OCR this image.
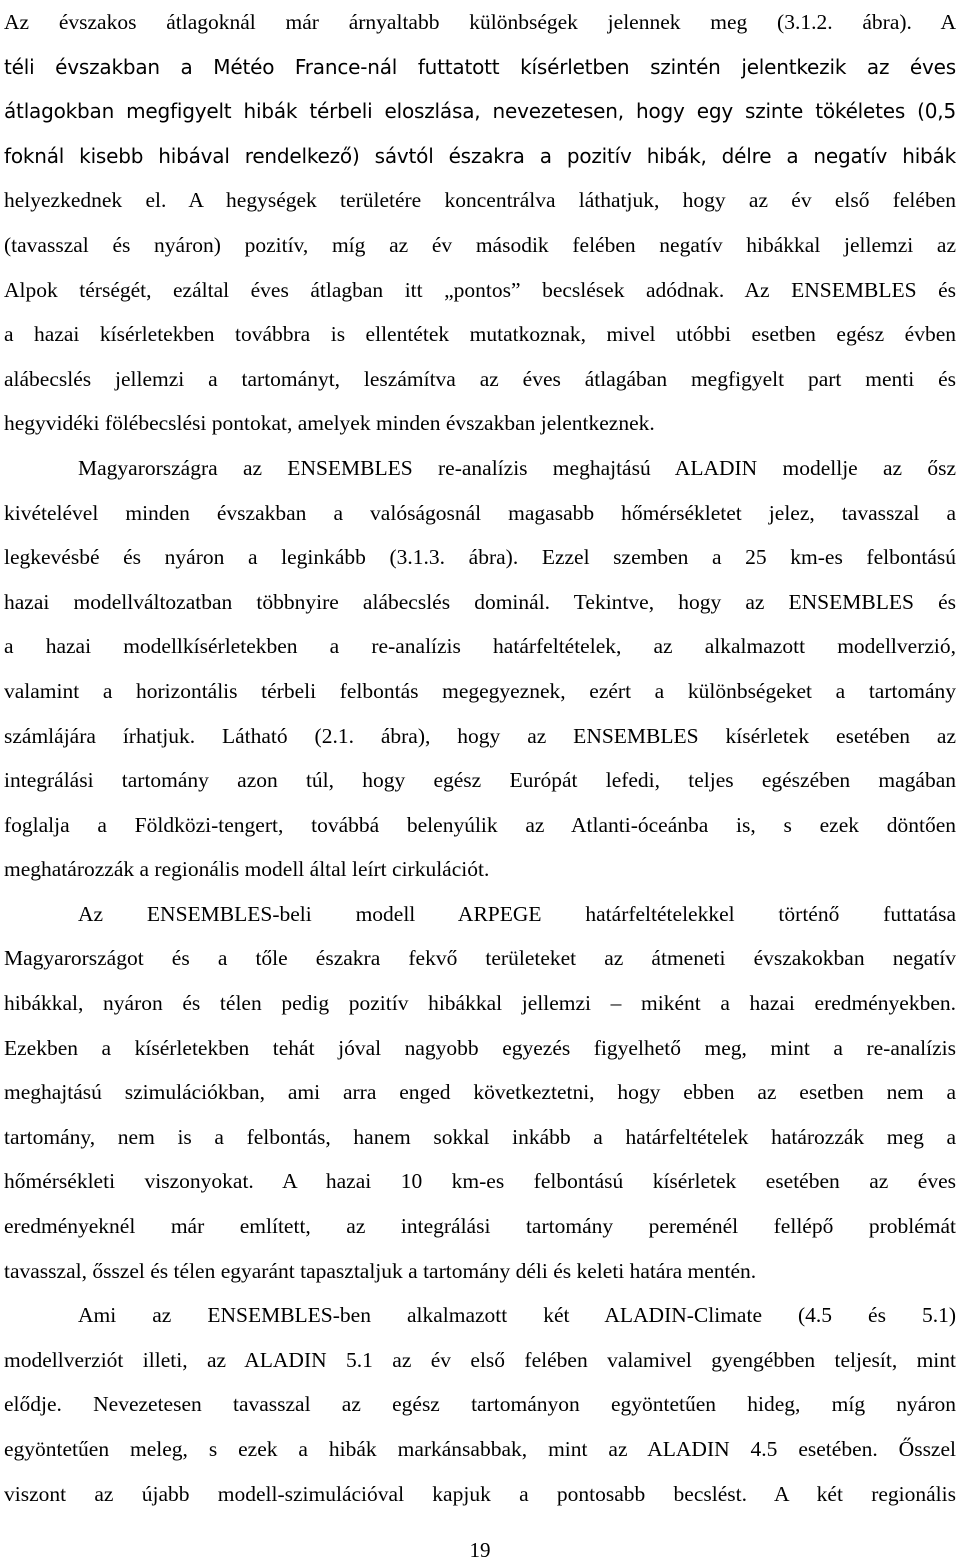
Az évszakos átlagoknál már árnyaltabb különbségek jelennek meg (3.1.2. ábra). A
téli évszakban a Météo France-nál futtatott kísérletben szintén jelentkezik az éves
átlagokban megfigyelt hibák térbeli eloszlása, nevezetesen, hogy egy szinte tökéletes (0,5
foknál kisebb hibával rendelkező) sávtól északra a pozitív hibák, délre a negatív hibák
helyezkednek el. A hegységek területére koncentrálva láthatjuk, hogy az év első felében
(tavasszal és nyáron) pozitív, míg az év második felében negatív hibákkal jellemzi az
Alpok térségét, ezáltal éves átlagban itt „pontos” becslések adódnak. Az ENSEMBLES és
a hazai kísérletekben továbbra is ellentétek mutatkoznak, mivel utóbbi esetben egész évben
alábecslés jellemzi a tartományt, leszámítva az éves átlagában megfigyelt part menti és
hegyvidéki fölébecslési pontokat, amelyek minden évszakban jelentkeznek.
Magyarországra az ENSEMBLES re-analízis meghajtású ALADIN modellje az ősz
kivételével minden évszakban a valóságosnál magasabb hőmérsékletet jelez, tavasszal a
legkevésbé és nyáron a leginkább (3.1.3. ábra). Ezzel szemben a 25 km-es felbontású
hazai modellváltozatban többnyire alábecslés dominál. Tekintve, hogy az ENSEMBLES és
a hazai modellkísérletekben a re-analízis határfeltételek, az alkalmazott modellverzió,
valamint a horizontális térbeli felbontás megegyeznek, ezért a különbségeket a tartomány
számlájára írhatjuk. Látható (2.1. ábra), hogy az ENSEMBLES kísérletek esetében az
integrálási tartomány azon túl, hogy egész Európát lefedi, teljes egészében magában
foglalja a Földközi-tengert, továbbá belenyúlik az Atlanti-óceánba is, s ezek döntően
meghatározzák a regionális modell által leírt cirkulációt.
Az ENSEMBLES-beli modell ARPEGE határfeltételekkel történő futtatása
Magyarországot és a tőle északra fekvő területeket az átmeneti évszakokban negatív
hibákkal, nyáron és télen pedig pozitív hibákkal jellemzi – miként a hazai eredményekben.
Ezekben a kísérletekben tehát jóval nagyobb egyezés figyelhető meg, mint a re-analízis
meghajtású szimulációkban, ami arra enged következtetni, hogy ebben az esetben nem a
tartomány, nem is a felbontás, hanem sokkal inkább a határfeltételek határozzák meg a
hőmérsékleti viszonyokat. A hazai 10 km-es felbontású kísérletek esetében az éves
eredményeknél már említett, az integrálási tartomány pereménél fellépő problémát
tavasszal, ősszel és télen egyaránt tapasztaljuk a tartomány déli és keleti határa mentén.
Ami az ENSEMBLES-ben alkalmazott két ALADIN-Climate (4.5 és 5.1)
modellverziót illeti, az ALADIN 5.1 az év első felében valamivel gyengébben teljesít, mint
elődje. Nevezetesen tavasszal az egész tartományon egyöntetűen hideg, míg nyáron
egyöntetűen meleg, s ezek a hibák markánsabbak, mint az ALADIN 4.5 esetében. Ősszel
viszont az újabb modell-szimulációval kapjuk a pontosabb becslést. A két regionális
19
